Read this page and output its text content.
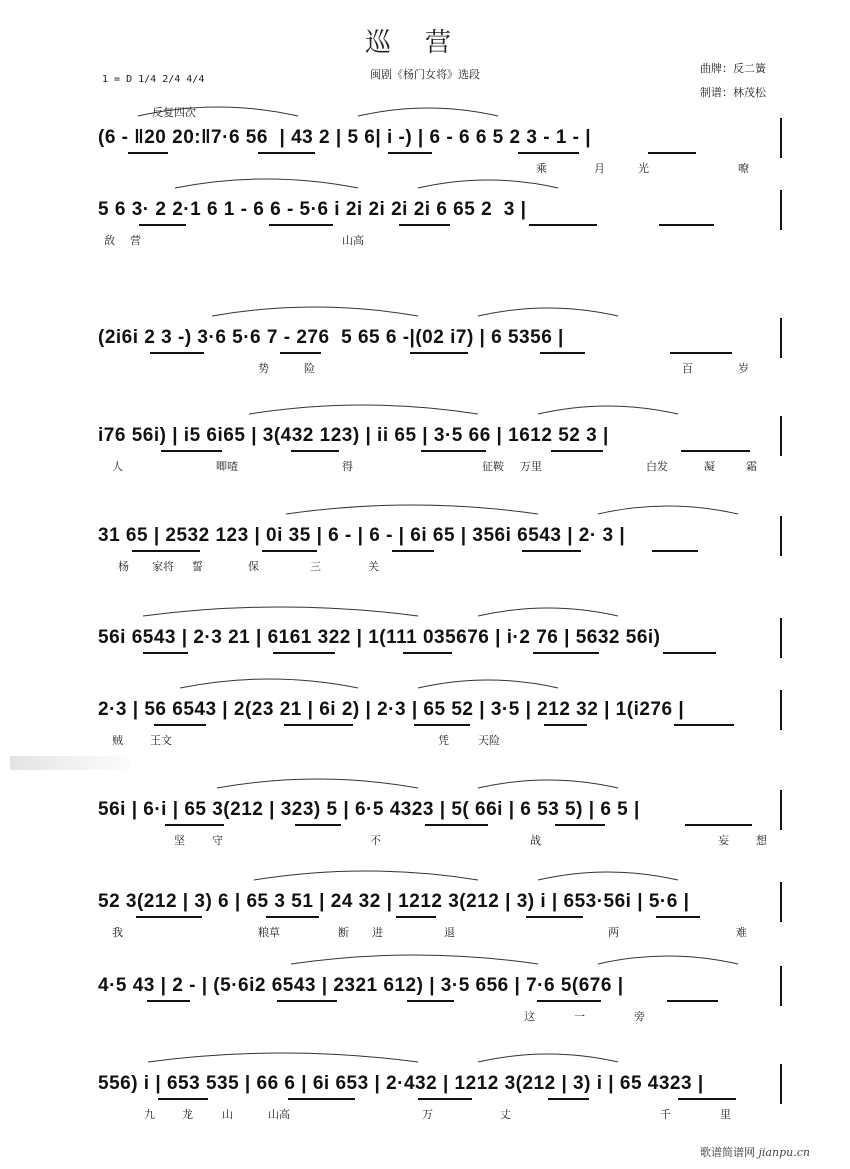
巡营
闽剧《杨门女将》选段	曲牌：反二簧
制谱：林茂松
1 = D 1/4 2/4 4/4
反复四次
(6 - ‖20 20:‖7·6 56  | 43 2 | 5 6| i -) | 6 - 6 6 5 2 3 - 1 - |
乘	月	光	嘹
5 6 3· 2 2·1 6 1 - 6 6 - 5·6 i 2i 2i 2i 2i 6 65 2  3 |
敌 营	山高
(2i6i 2 3 -) 3·6 5·6 7 - 276  5 65 6 -|(02 i7) | 6 5356 |
势	险	百	岁
i76 56i) | i5 6i65 | 3(432 123) | ii 65 | 3·5 66 | 1612 52 3 |
人	唧喳	得	征鞍 万里	白发	凝	霜
31 65 | 2532 123 | 0i 35 | 6 - | 6 - | 6i 65 | 356i 6543 | 2· 3 |
杨 家将 誓	保	三	关
56i 6543 | 2·3 21 | 6161 322 | 1(111 035676 | i·2 76 | 5632 56i)
2·3 | 56 6543 | 2(23 21 | 6i 2) | 2·3 | 65 52 | 3·5 | 212 32 | 1(i276 |
贼 王文	凭	天险
56i | 6·i | 65 3(212 | 323) 5 | 6·5 4323 | 5( 66i | 6 53 5) | 6 5 |
坚 守	不	战	妄 想
52 3(212 | 3) 6 | 65 3 51 | 24 32 | 1212 3(212 | 3) i | 653·56i | 5·6 |
我	粮草	断 进	退	两	难
4·5 43 | 2 - | (5·6i2 6543 | 2321 612) | 3·5 656 | 7·6 5(676 |
这	一	旁
556) i | 653 535 | 66 6 | 6i 653 | 2·432 | 1212 3(212 | 3) i | 65 4323 |
九 龙	山	山高	万	丈	千	里
歌谱简谱网 jianpu.cn
